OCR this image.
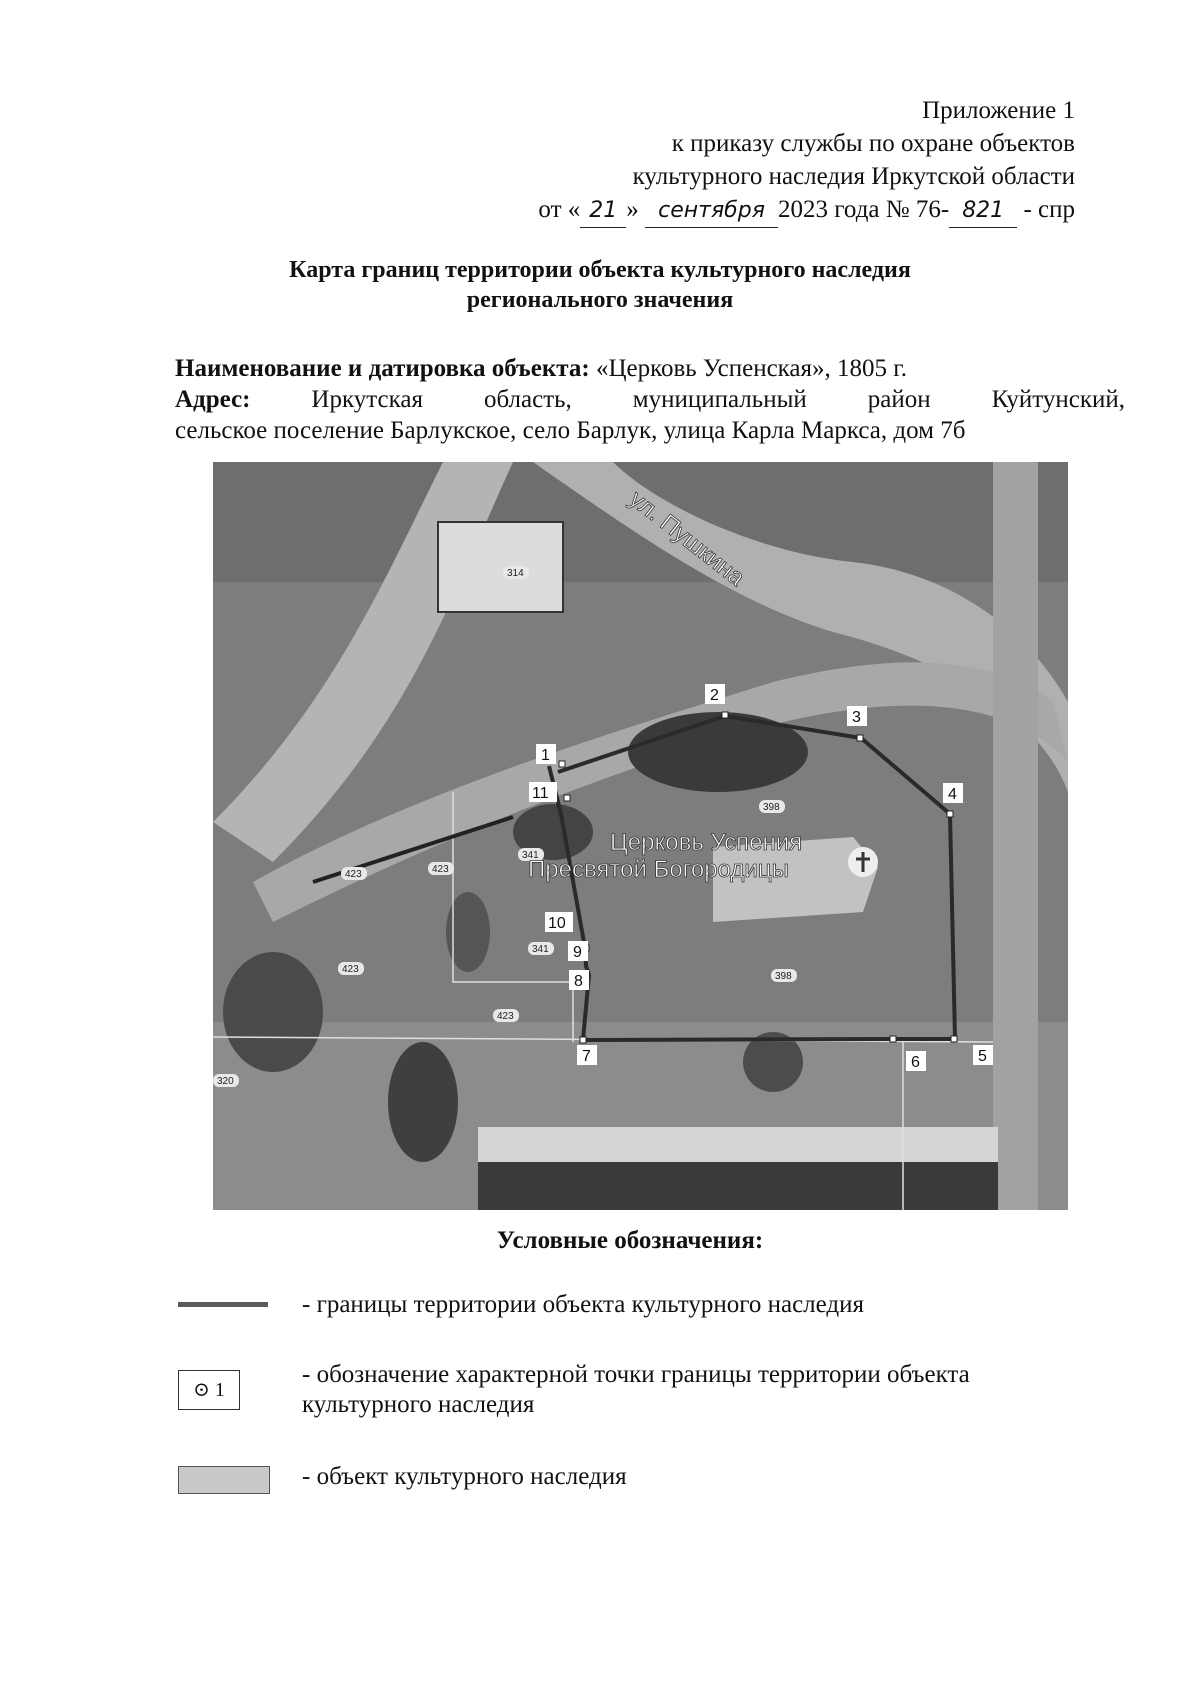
Приложение 1
к приказу службы по охране объектов
культурного наследия Иркутской области
от « 21 » сентября 2023 года № 76- 821 - спр
Карта границ территории объекта культурного наследия
регионального значения
Наименование и датировка объекта: «Церковь Успенская», 1805 г.
Адрес: Иркутская область, муниципальный район Куйтунский,
сельское поселение Барлукское, село Барлук, улица Карла Маркса, дом 7б
1
2
3
4
5
6
7
8
9
10
11
314
398
341
423	423
423
341
423
398
320
ул. Пушкина
Церковь Успения
Пресвятой Богородицы
Условные обозначения:
- границы территории объекта культурного наследия
⊙ 1
- обозначение характерной точки границы территории объекта культурного наследия
- объект культурного наследия
